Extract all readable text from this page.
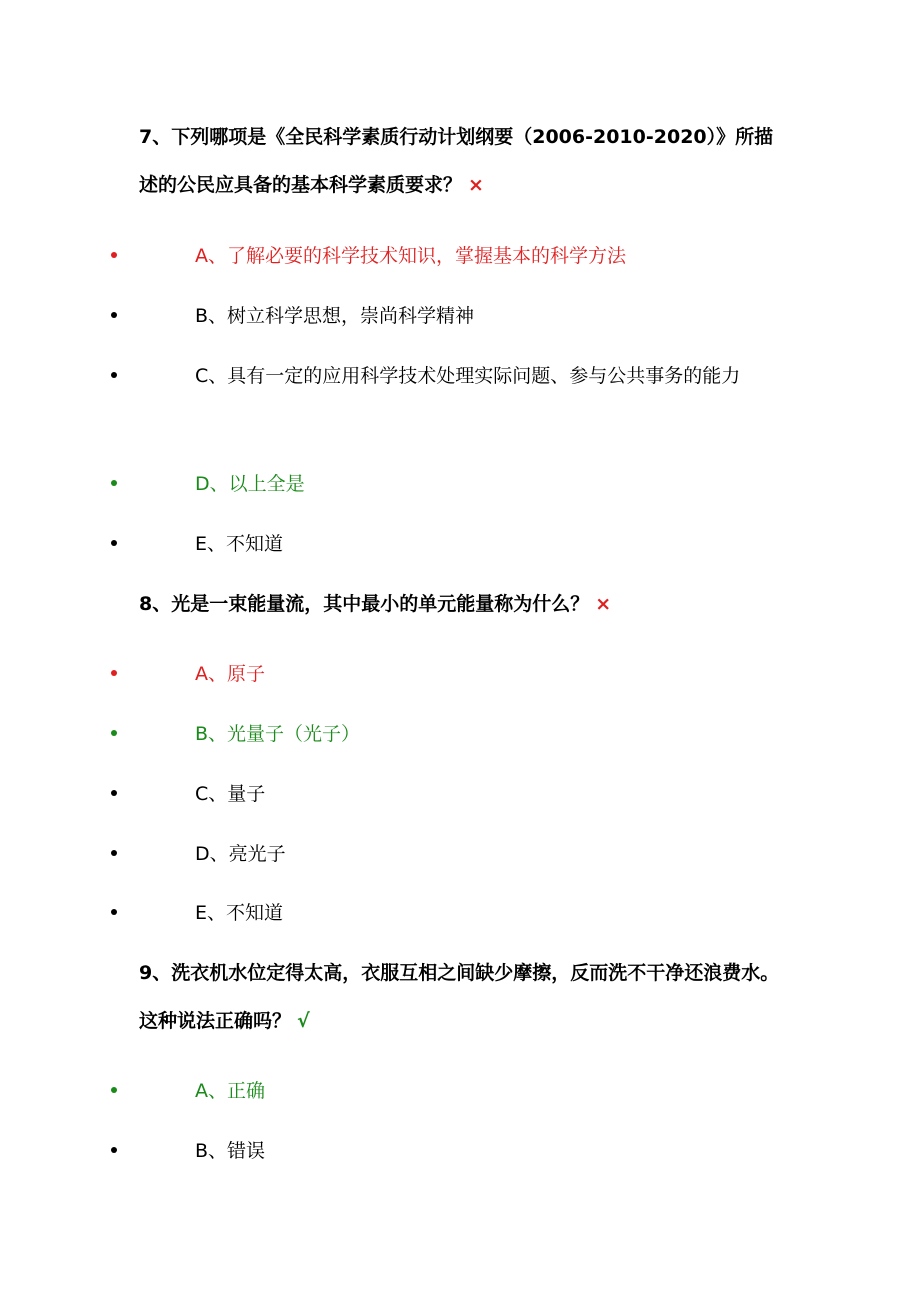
7、下列哪项是《全民科学素质行动计划纲要（2006-2010-2020）》所描述的公民应具备的基本科学素质要求？ ×
A、了解必要的科学技术知识，掌握基本的科学方法
B、树立科学思想，崇尚科学精神
C、具有一定的应用科学技术处理实际问题、参与公共事务的能力
D、以上全是
E、不知道
8、光是一束能量流，其中最小的单元能量称为什么？ ×
A、原子
B、光量子（光子）
C、量子
D、亮光子
E、不知道
9、洗衣机水位定得太高，衣服互相之间缺少摩擦，反而洗不干净还浪费水。这种说法正确吗？ √
A、正确
B、错误
